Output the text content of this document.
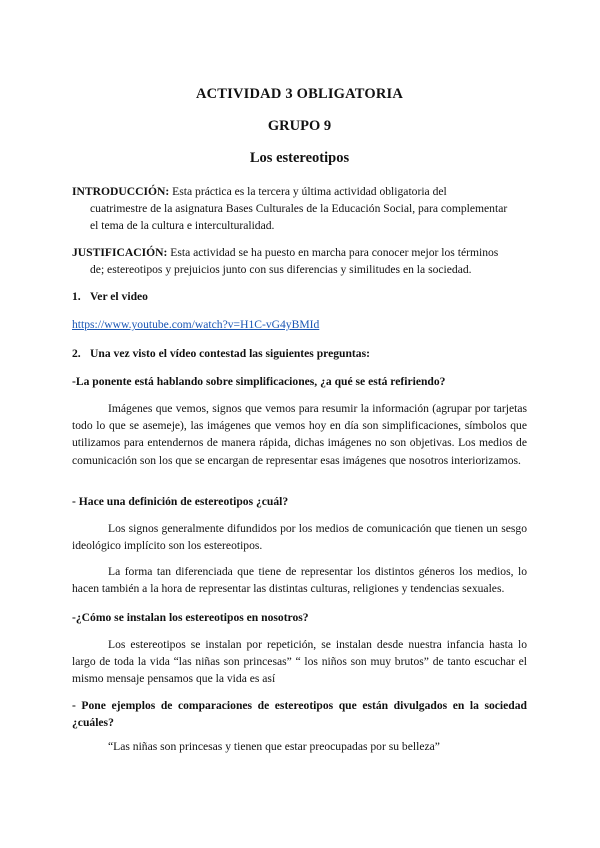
ACTIVIDAD 3 OBLIGATORIA
GRUPO 9
Los estereotipos
INTRODUCCIÓN: Esta práctica es la tercera y última actividad obligatoria del
cuatrimestre de la asignatura Bases Culturales de la Educación Social, para complementar
el tema de la cultura e interculturalidad.
JUSTIFICACIÓN: Esta actividad se ha puesto en marcha para conocer mejor los términos
de; estereotipos y prejuicios junto con sus diferencias y similitudes en la sociedad.
1. Ver el video
https://www.youtube.com/watch?v=H1C-vG4yBMId
2. Una vez visto el vídeo contestad las siguientes preguntas:
-La ponente está hablando sobre simplificaciones, ¿a qué se está refiriendo?
Imágenes que vemos, signos que vemos para resumir la información (agrupar por tarjetas todo lo que se asemeje), las imágenes que vemos hoy en día son simplificaciones, símbolos que utilizamos para entendernos de manera rápida, dichas imágenes no son objetivas. Los medios de comunicación son los que se encargan de representar esas imágenes que nosotros interiorizamos.
- Hace una definición de estereotipos ¿cuál?
Los signos generalmente difundidos por los medios de comunicación que tienen un sesgo ideológico implícito son los estereotipos.
La forma tan diferenciada que tiene de representar los distintos géneros los medios, lo hacen también a la hora de representar las distintas culturas, religiones y tendencias sexuales.
-¿Cómo se instalan los estereotipos en nosotros?
Los estereotipos se instalan por repetición, se instalan desde nuestra infancia hasta lo largo de toda la vida “las niñas son princesas” “ los niños son muy brutos” de tanto escuchar el mismo mensaje pensamos que la vida es así
- Pone ejemplos de comparaciones de estereotipos que están divulgados en la sociedad ¿cuáles?
“Las niñas son princesas y tienen que estar preocupadas por su belleza”
